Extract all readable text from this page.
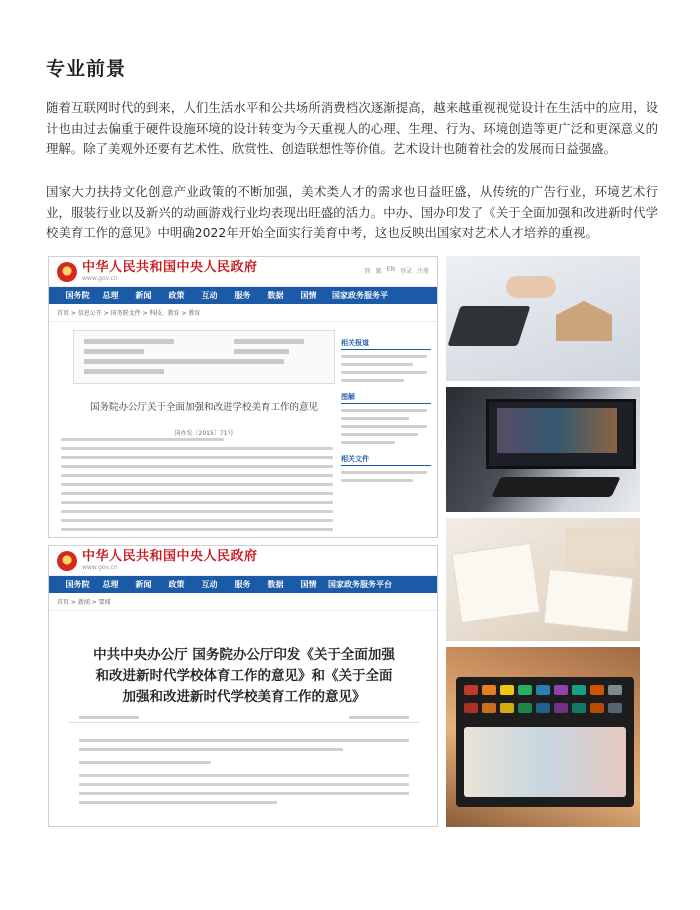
专业前景

随着互联网时代的到来，人们生活水平和公共场所消费档次逐渐提高，越来越重视视觉设计在生活中的应用，设计也由过去偏重于硬件设施环境的设计转变为今天重视人的心理、生理、行为、环境创造等更广泛和更深意义的理解。除了美观外还要有艺术性、欣赏性、创造联想性等价值。艺术设计也随着社会的发展而日益强盛。

国家大力扶持文化创意产业政策的不断加强，美术类人才的需求也日益旺盛，从传统的广告行业，环境艺术行业，服装行业以及新兴的动画游戏行业均表现出旺盛的活力。中办、国办印发了《关于全面加强和改进新时代学校美育工作的意见》中明确2022年开始全面实行美育中考，这也反映出国家对艺术人才培养的重视。

中华人民共和国中央人民政府
www.gov.cn
简 繁 EN 登录 注册
国务院	总理	新闻	政策	互动	服务	数据	国情	国家政务服务平
首页 > 信息公开 > 国务院文件 > 科技、教育 > 教育
国务院办公厅关于全面加强和改进学校美育工作的意见
国办发〔2015〕71号
相关报道
图解
相关文件
中华人民共和国中央人民政府
www.gov.cn
国务院	总理	新闻	政策	互动	服务	数据	国情	国家政务服务平台
首页 > 新闻 > 要闻
中共中央办公厅 国务院办公厅印发《关于全面加强和改进新时代学校体育工作的意见》和《关于全面加强和改进新时代学校美育工作的意见》
